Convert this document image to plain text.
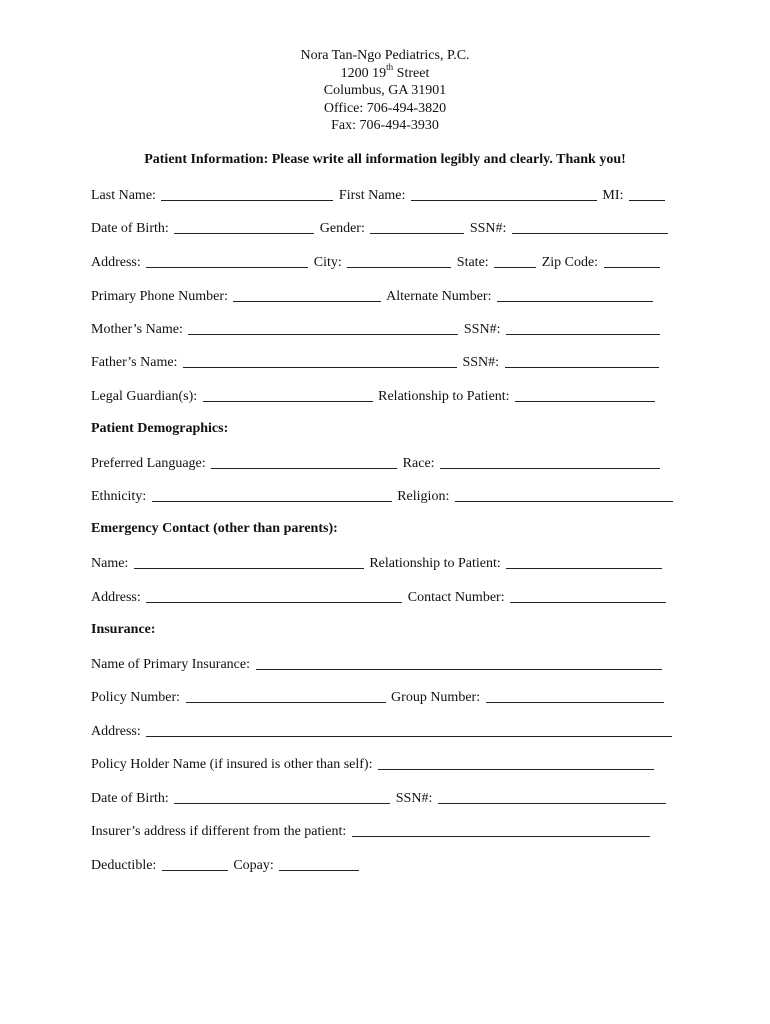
Nora Tan-Ngo Pediatrics, P.C.
1200 19th Street
Columbus, GA 31901
Office: 706-494-3820
Fax: 706-494-3930
Patient Information: Please write all information legibly and clearly. Thank you!
Last Name:	First Name:	MI:
Date of Birth:	Gender:	SSN#:
Address:	City:	State:	Zip Code:
Primary Phone Number:	Alternate Number:
Mother’s Name:	SSN#:
Father’s Name:	SSN#:
Legal Guardian(s):	Relationship to Patient:
Patient Demographics:
Preferred Language:	Race:
Ethnicity:	Religion:
Emergency Contact (other than parents):
Name:	Relationship to Patient:
Address:	Contact Number:
Insurance:
Name of Primary Insurance:
Policy Number:	Group Number:
Address:
Policy Holder Name (if insured is other than self):
Date of Birth:	SSN#:
Insurer’s address if different from the patient:
Deductible:	Copay:
